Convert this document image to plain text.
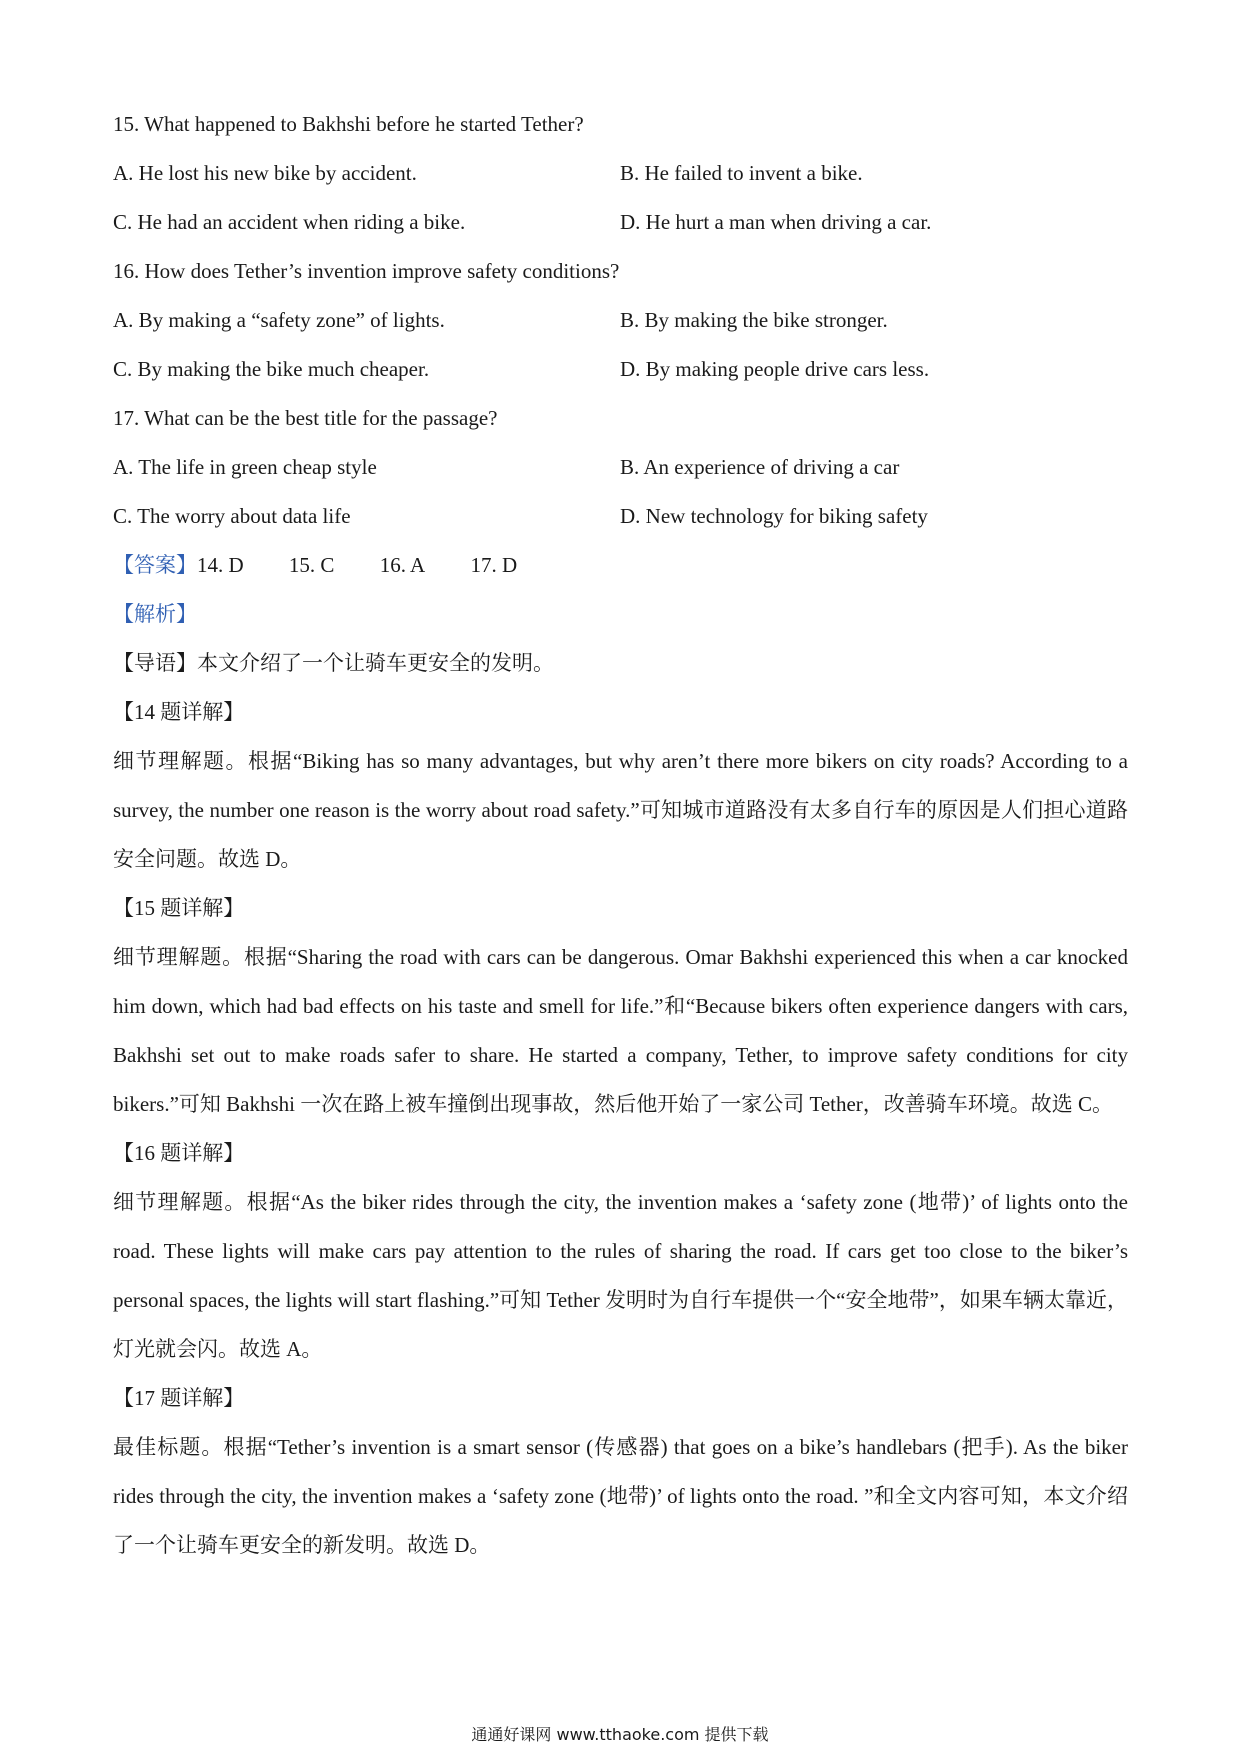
15. What happened to Bakhshi before he started Tether?
A. He lost his new bike by accident.	B. He failed to invent a bike.
C. He had an accident when riding a bike.	D. He hurt a man when driving a car.
16. How does Tether’s invention improve safety conditions?
A. By making a “safety zone” of lights.	B. By making the bike stronger.
C. By making the bike much cheaper.	D. By making people drive cars less.
17. What can be the best title for the passage?
A. The life in green cheap style	B. An experience of driving a car
C. The worry about data life	D. New technology for biking safety
【答案】14. D 15. C 16. A 17. D
【解析】
【导语】本文介绍了一个让骑车更安全的发明。
【14 题详解】
细节理解题。根据“Biking has so many advantages, but why aren’t there more bikers on city roads? According to a survey, the number one reason is the worry about road safety.”可知城市道路没有太多自行车的原因是人们担心道路安全问题。故选 D。
【15 题详解】
细节理解题。根据“Sharing the road with cars can be dangerous. Omar Bakhshi experienced this when a car knocked him down, which had bad effects on his taste and smell for life.”和“Because bikers often experience dangers with cars, Bakhshi set out to make roads safer to share. He started a company, Tether, to improve safety conditions for city bikers.”可知 Bakhshi 一次在路上被车撞倒出现事故，然后他开始了一家公司 Tether，改善骑车环境。故选 C。
【16 题详解】
细节理解题。根据“As the biker rides through the city, the invention makes a ‘safety zone (地带)’ of lights onto the road. These lights will make cars pay attention to the rules of sharing the road. If cars get too close to the biker’s personal spaces, the lights will start flashing.”可知 Tether 发明时为自行车提供一个“安全地带”，如果车辆太靠近，灯光就会闪。故选 A。
【17 题详解】
最佳标题。根据“Tether’s invention is a smart sensor (传感器) that goes on a bike’s handlebars (把手). As the biker rides through the city, the invention makes a ‘safety zone (地带)’ of lights onto the road. ”和全文内容可知，本文介绍了一个让骑车更安全的新发明。故选 D。
通通好课网 www.tthaoke.com 提供下载
